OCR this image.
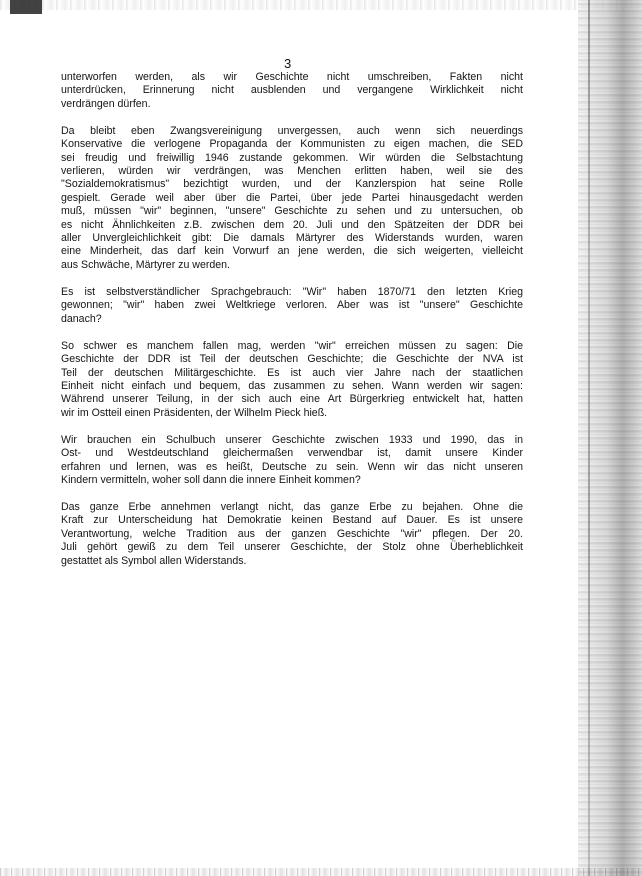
3
unterworfen werden, als wir Geschichte nicht umschreiben, Fakten nicht
unterdrücken, Erinnerung nicht ausblenden und vergangene Wirklichkeit nicht
verdrängen dürfen.
Da bleibt eben Zwangsvereinigung unvergessen, auch wenn sich neuerdings
Konservative die verlogene Propaganda der Kommunisten zu eigen machen, die SED
sei freudig und freiwillig 1946 zustande gekommen. Wir würden die Selbstachtung
verlieren, würden wir verdrängen, was Menchen erlitten haben, weil sie des
"Sozialdemokratismus" bezichtigt wurden, und der Kanzlerspion hat seine Rolle
gespielt. Gerade weil aber über die Partei, über jede Partei hinausgedacht werden
muß, müssen "wir" beginnen, "unsere" Geschichte zu sehen und zu untersuchen, ob
es nicht Ähnlichkeiten z.B. zwischen dem 20. Juli und den Spätzeiten der DDR bei
aller Unvergleichlichkeit gibt: Die damals Märtyrer des Widerstands wurden, waren
eine Minderheit, das darf kein Vorwurf an jene werden, die sich weigerten, vielleicht
aus Schwäche, Märtyrer zu werden.
Es ist selbstverständlicher Sprachgebrauch: "Wir" haben 1870/71 den letzten Krieg
gewonnen; "wir" haben zwei Weltkriege verloren. Aber was ist "unsere" Geschichte
danach?
So schwer es manchem fallen mag, werden "wir" erreichen müssen zu sagen: Die
Geschichte der DDR ist Teil der deutschen Geschichte; die Geschichte der NVA ist
Teil der deutschen Militärgeschichte. Es ist auch vier Jahre nach der staatlichen
Einheit nicht einfach und bequem, das zusammen zu sehen. Wann werden wir sagen:
Während unserer Teilung, in der sich auch eine Art Bürgerkrieg entwickelt hat, hatten
wir im Ostteil einen Präsidenten, der Wilhelm Pieck hieß.
Wir brauchen ein Schulbuch unserer Geschichte zwischen 1933 und 1990, das in
Ost- und Westdeutschland gleichermaßen verwendbar ist, damit unsere Kinder
erfahren und lernen, was es heißt, Deutsche zu sein. Wenn wir das nicht unseren
Kindern vermitteln, woher soll dann die innere Einheit kommen?
Das ganze Erbe annehmen verlangt nicht, das ganze Erbe zu bejahen. Ohne die
Kraft zur Unterscheidung hat Demokratie keinen Bestand auf Dauer. Es ist unsere
Verantwortung, welche Tradition aus der ganzen Geschichte "wir" pflegen. Der 20.
Juli gehört gewiß zu dem Teil unserer Geschichte, der Stolz ohne Überheblichkeit
gestattet als Symbol allen Widerstands.
